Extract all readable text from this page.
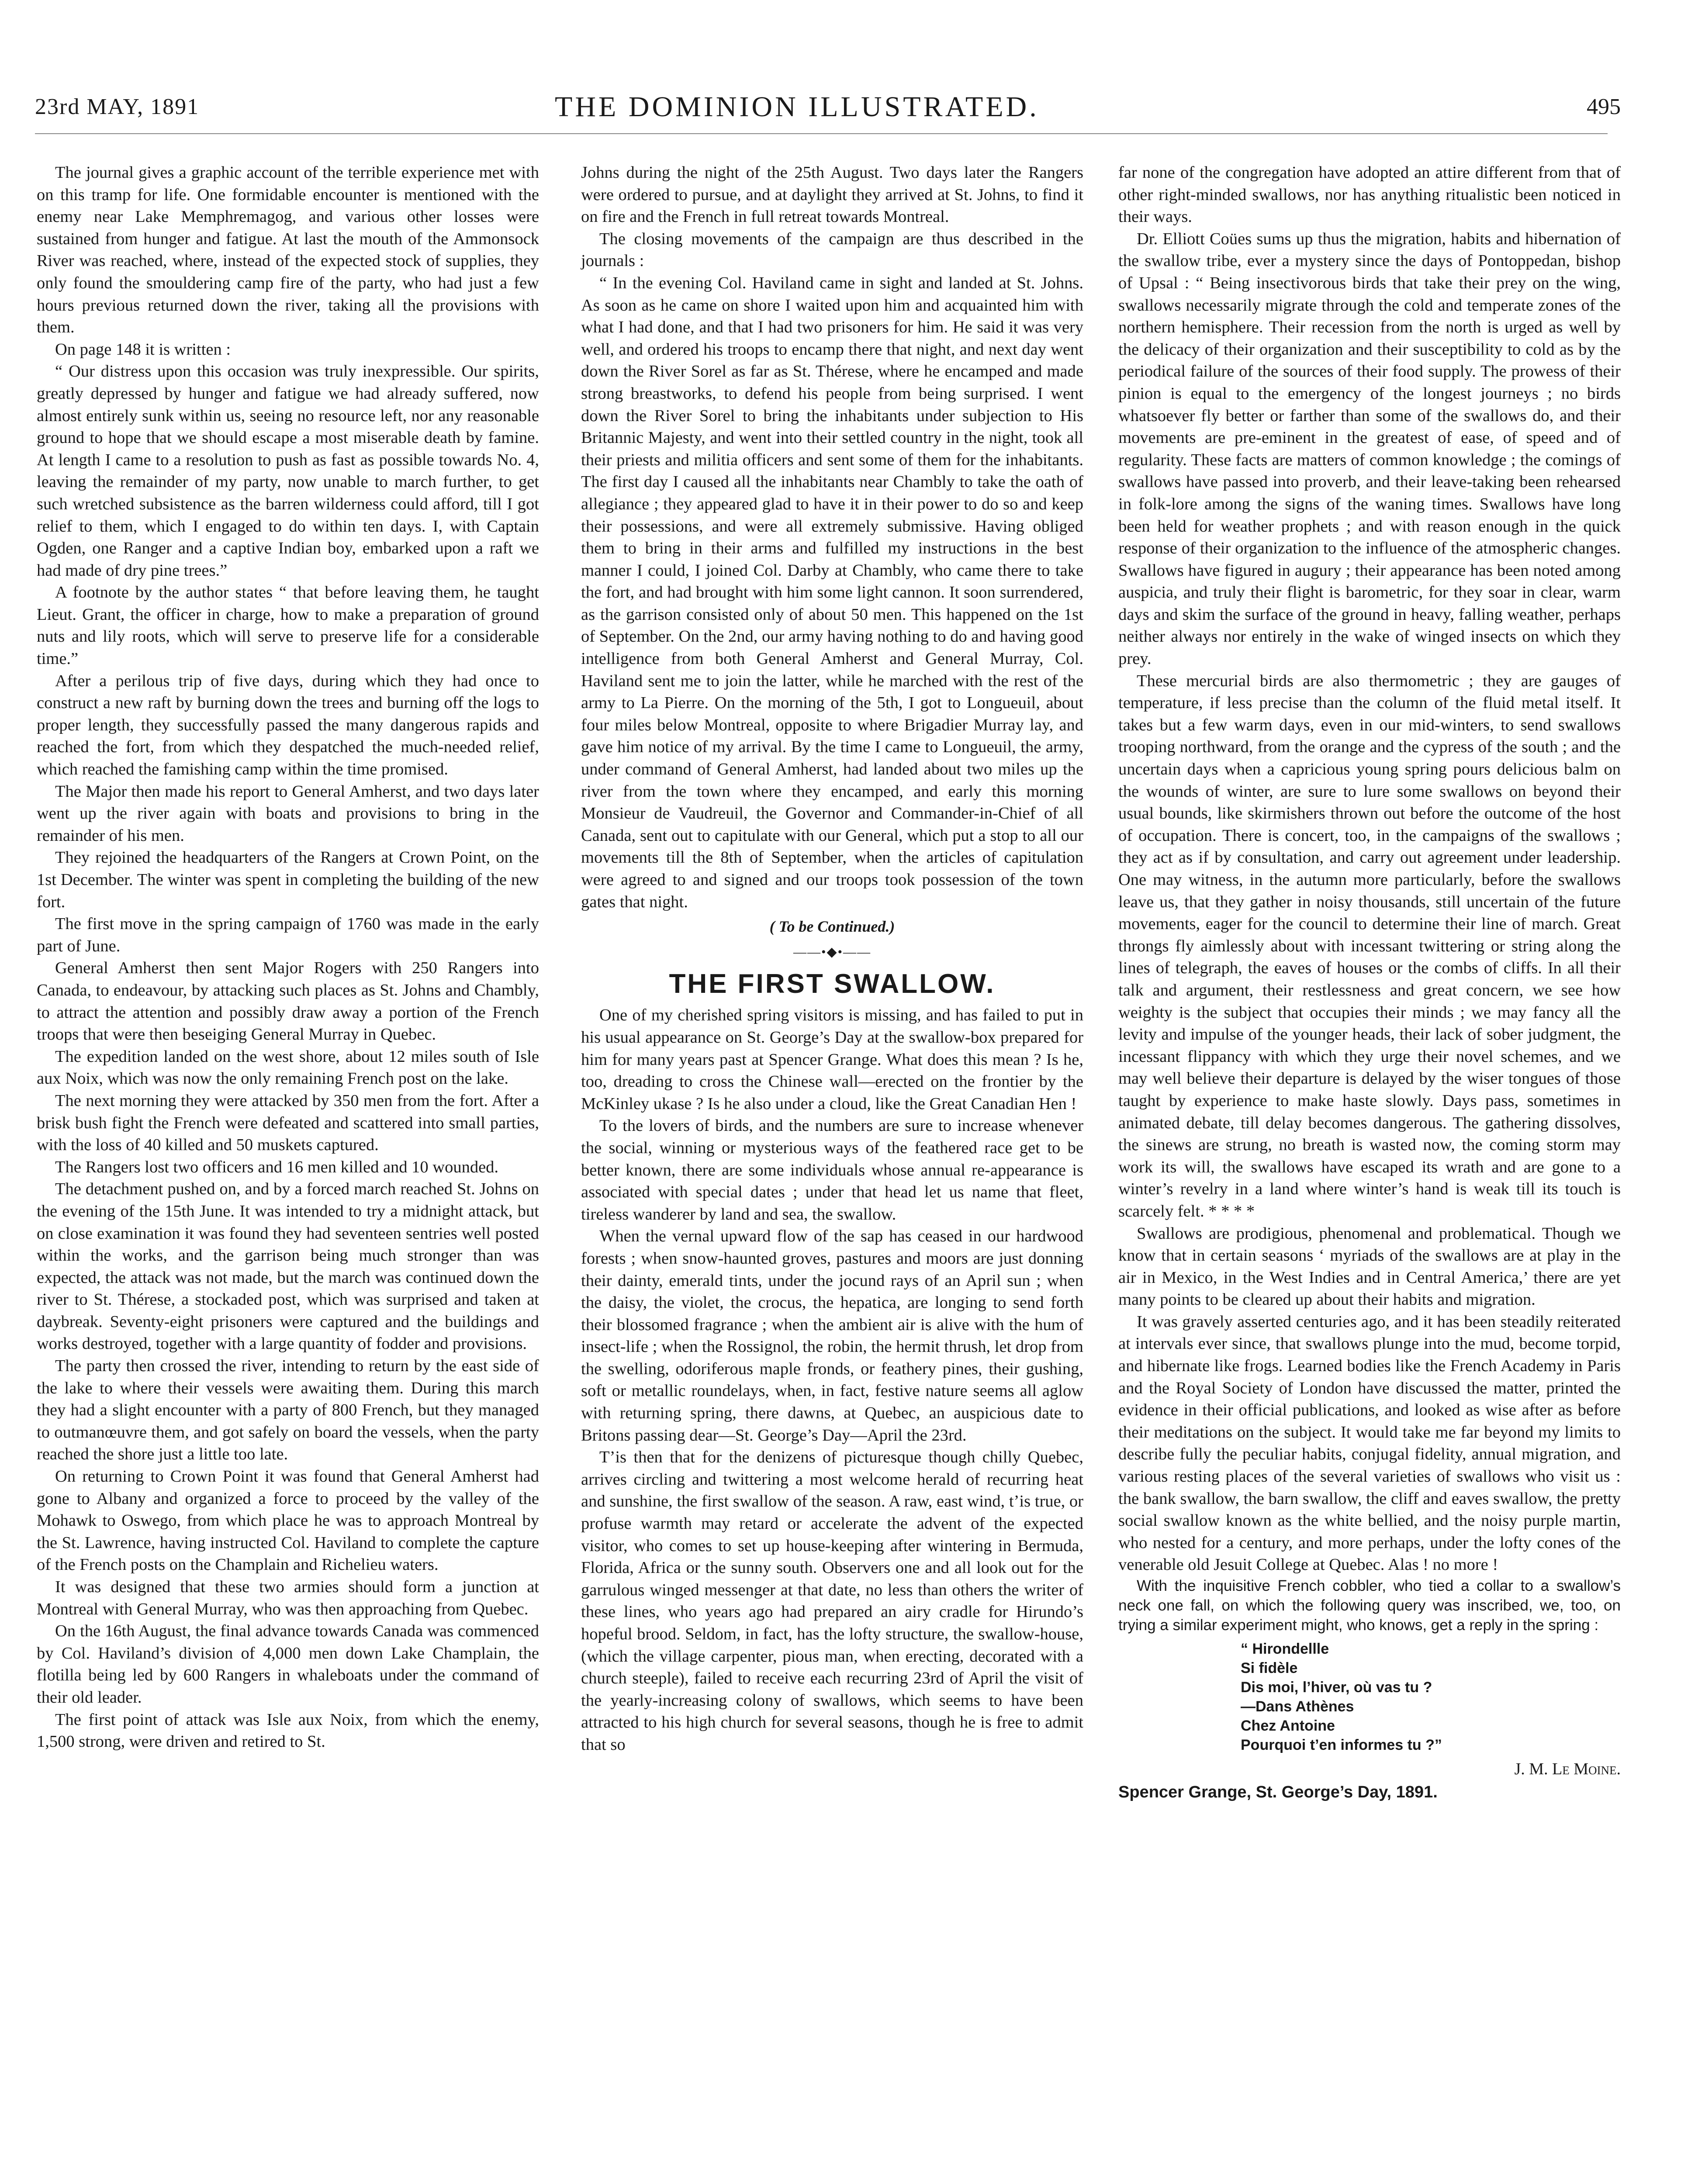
23rd MAY, 1891	THE DOMINION ILLUSTRATED.	495

The journal gives a graphic account of the terrible experience met with on this tramp for life. One formidable encounter is mentioned with the enemy near Lake Memphremagog, and various other losses were sustained from hunger and fatigue. At last the mouth of the Ammonsock River was reached, where, instead of the expected stock of supplies, they only found the smouldering camp fire of the party, who had just a few hours previous returned down the river, taking all the provisions with them.

On page 148 it is written :

“ Our distress upon this occasion was truly inexpressible. Our spirits, greatly depressed by hunger and fatigue we had already suffered, now almost entirely sunk within us, seeing no resource left, nor any reasonable ground to hope that we should escape a most miserable death by famine. At length I came to a resolution to push as fast as possible towards No. 4, leaving the remainder of my party, now unable to march further, to get such wretched subsistence as the barren wilderness could afford, till I got relief to them, which I engaged to do within ten days. I, with Captain Ogden, one Ranger and a captive Indian boy, embarked upon a raft we had made of dry pine trees.”

A footnote by the author states “ that before leaving them, he taught Lieut. Grant, the officer in charge, how to make a preparation of ground nuts and lily roots, which will serve to preserve life for a considerable time.”

After a perilous trip of five days, during which they had once to construct a new raft by burning down the trees and burning off the logs to proper length, they successfully passed the many dangerous rapids and reached the fort, from which they despatched the much-needed relief, which reached the famishing camp within the time promised.

The Major then made his report to General Amherst, and two days later went up the river again with boats and provisions to bring in the remainder of his men.

They rejoined the headquarters of the Rangers at Crown Point, on the 1st December. The winter was spent in completing the building of the new fort.

The first move in the spring campaign of 1760 was made in the early part of June.

General Amherst then sent Major Rogers with 250 Rangers into Canada, to endeavour, by attacking such places as St. Johns and Chambly, to attract the attention and possibly draw away a portion of the French troops that were then beseiging General Murray in Quebec.

The expedition landed on the west shore, about 12 miles south of Isle aux Noix, which was now the only remaining French post on the lake.

The next morning they were attacked by 350 men from the fort. After a brisk bush fight the French were defeated and scattered into small parties, with the loss of 40 killed and 50 muskets captured.

The Rangers lost two officers and 16 men killed and 10 wounded.

The detachment pushed on, and by a forced march reached St. Johns on the evening of the 15th June. It was intended to try a midnight attack, but on close examination it was found they had seventeen sentries well posted within the works, and the garrison being much stronger than was expected, the attack was not made, but the march was continued down the river to St. Thérese, a stockaded post, which was surprised and taken at daybreak. Seventy-eight prisoners were captured and the buildings and works destroyed, together with a large quantity of fodder and provisions.

The party then crossed the river, intending to return by the east side of the lake to where their vessels were awaiting them. During this march they had a slight encounter with a party of 800 French, but they managed to outmanœuvre them, and got safely on board the vessels, when the party reached the shore just a little too late.

On returning to Crown Point it was found that General Amherst had gone to Albany and organized a force to proceed by the valley of the Mohawk to Oswego, from which place he was to approach Montreal by the St. Lawrence, having instructed Col. Haviland to complete the capture of the French posts on the Champlain and Richelieu waters.

It was designed that these two armies should form a junction at Montreal with General Murray, who was then approaching from Quebec.

On the 16th August, the final advance towards Canada was commenced by Col. Haviland’s division of 4,000 men down Lake Champlain, the flotilla being led by 600 Rangers in whaleboats under the command of their old leader.

The first point of attack was Isle aux Noix, from which the enemy, 1,500 strong, were driven and retired to St.

Johns during the night of the 25th August. Two days later the Rangers were ordered to pursue, and at daylight they arrived at St. Johns, to find it on fire and the French in full retreat towards Montreal.

The closing movements of the campaign are thus described in the journals :

“ In the evening Col. Haviland came in sight and landed at St. Johns. As soon as he came on shore I waited upon him and acquainted him with what I had done, and that I had two prisoners for him. He said it was very well, and ordered his troops to encamp there that night, and next day went down the River Sorel as far as St. Thérese, where he encamped and made strong breastworks, to defend his people from being surprised. I went down the River Sorel to bring the inhabitants under subjection to His Britannic Majesty, and went into their settled country in the night, took all their priests and militia officers and sent some of them for the inhabitants. The first day I caused all the inhabitants near Chambly to take the oath of allegiance ; they appeared glad to have it in their power to do so and keep their possessions, and were all extremely submissive. Having obliged them to bring in their arms and fulfilled my instructions in the best manner I could, I joined Col. Darby at Chambly, who came there to take the fort, and had brought with him some light cannon. It soon surrendered, as the garrison consisted only of about 50 men. This happened on the 1st of September. On the 2nd, our army having nothing to do and having good intelligence from both General Amherst and General Murray, Col. Haviland sent me to join the latter, while he marched with the rest of the army to La Pierre. On the morning of the 5th, I got to Longueuil, about four miles below Montreal, opposite to where Brigadier Murray lay, and gave him notice of my arrival. By the time I came to Longueuil, the army, under command of General Amherst, had landed about two miles up the river from the town where they encamped, and early this morning Monsieur de Vaudreuil, the Governor and Commander-in-Chief of all Canada, sent out to capitulate with our General, which put a stop to all our movements till the 8th of September, when the articles of capitulation were agreed to and signed and our troops took possession of the town gates that night.

( To be Continued.)
——•◆•——
THE FIRST SWALLOW.

One of my cherished spring visitors is missing, and has failed to put in his usual appearance on St. George’s Day at the swallow-box prepared for him for many years past at Spencer Grange. What does this mean ? Is he, too, dreading to cross the Chinese wall—erected on the frontier by the McKinley ukase ? Is he also under a cloud, like the Great Canadian Hen !

To the lovers of birds, and the numbers are sure to increase whenever the social, winning or mysterious ways of the feathered race get to be better known, there are some individuals whose annual re-appearance is associated with special dates ; under that head let us name that fleet, tireless wanderer by land and sea, the swallow.

When the vernal upward flow of the sap has ceased in our hardwood forests ; when snow-haunted groves, pastures and moors are just donning their dainty, emerald tints, under the jocund rays of an April sun ; when the daisy, the violet, the crocus, the hepatica, are longing to send forth their blossomed fragrance ; when the ambient air is alive with the hum of insect-life ; when the Rossignol, the robin, the hermit thrush, let drop from the swelling, odoriferous maple fronds, or feathery pines, their gushing, soft or metallic roundelays, when, in fact, festive nature seems all aglow with returning spring, there dawns, at Quebec, an auspicious date to Britons passing dear—St. George’s Day—April the 23rd.

T’is then that for the denizens of picturesque though chilly Quebec, arrives circling and twittering a most welcome herald of recurring heat and sunshine, the first swallow of the season. A raw, east wind, t’is true, or profuse warmth may retard or accelerate the advent of the expected visitor, who comes to set up house-keeping after wintering in Bermuda, Florida, Africa or the sunny south. Observers one and all look out for the garrulous winged messenger at that date, no less than others the writer of these lines, who years ago had prepared an airy cradle for Hirundo’s hopeful brood. Seldom, in fact, has the lofty structure, the swallow-house, (which the village carpenter, pious man, when erecting, decorated with a church steeple), failed to receive each recurring 23rd of April the visit of the yearly-increasing colony of swallows, which seems to have been attracted to his high church for several seasons, though he is free to admit that so

far none of the congregation have adopted an attire different from that of other right-minded swallows, nor has anything ritualistic been noticed in their ways.

Dr. Elliott Coües sums up thus the migration, habits and hibernation of the swallow tribe, ever a mystery since the days of Pontoppedan, bishop of Upsal : “ Being insectivorous birds that take their prey on the wing, swallows necessarily migrate through the cold and temperate zones of the northern hemisphere. Their recession from the north is urged as well by the delicacy of their organization and their susceptibility to cold as by the periodical failure of the sources of their food supply. The prowess of their pinion is equal to the emergency of the longest journeys ; no birds whatsoever fly better or farther than some of the swallows do, and their movements are pre-eminent in the greatest of ease, of speed and of regularity. These facts are matters of common knowledge ; the comings of swallows have passed into proverb, and their leave-taking been rehearsed in folk-lore among the signs of the waning times. Swallows have long been held for weather prophets ; and with reason enough in the quick response of their organization to the influence of the atmospheric changes. Swallows have figured in augury ; their appearance has been noted among auspicia, and truly their flight is barometric, for they soar in clear, warm days and skim the surface of the ground in heavy, falling weather, perhaps neither always nor entirely in the wake of winged insects on which they prey.

These mercurial birds are also thermometric ; they are gauges of temperature, if less precise than the column of the fluid metal itself. It takes but a few warm days, even in our mid-winters, to send swallows trooping northward, from the orange and the cypress of the south ; and the uncertain days when a capricious young spring pours delicious balm on the wounds of winter, are sure to lure some swallows on beyond their usual bounds, like skirmishers thrown out before the outcome of the host of occupation. There is concert, too, in the campaigns of the swallows ; they act as if by consultation, and carry out agreement under leadership. One may witness, in the autumn more particularly, before the swallows leave us, that they gather in noisy thousands, still uncertain of the future movements, eager for the council to determine their line of march. Great throngs fly aimlessly about with incessant twittering or string along the lines of telegraph, the eaves of houses or the combs of cliffs. In all their talk and argument, their restlessness and great concern, we see how weighty is the subject that occupies their minds ; we may fancy all the levity and impulse of the younger heads, their lack of sober judgment, the incessant flippancy with which they urge their novel schemes, and we may well believe their departure is delayed by the wiser tongues of those taught by experience to make haste slowly. Days pass, sometimes in animated debate, till delay becomes dangerous. The gathering dissolves, the sinews are strung, no breath is wasted now, the coming storm may work its will, the swallows have escaped its wrath and are gone to a winter’s revelry in a land where winter’s hand is weak till its touch is scarcely felt. * * * *

Swallows are prodigious, phenomenal and problematical. Though we know that in certain seasons ‘ myriads of the swallows are at play in the air in Mexico, in the West Indies and in Central America,’ there are yet many points to be cleared up about their habits and migration.

It was gravely asserted centuries ago, and it has been steadily reiterated at intervals ever since, that swallows plunge into the mud, become torpid, and hibernate like frogs. Learned bodies like the French Academy in Paris and the Royal Society of London have discussed the matter, printed the evidence in their official publications, and looked as wise after as before their meditations on the subject. It would take me far beyond my limits to describe fully the peculiar habits, conjugal fidelity, annual migration, and various resting places of the several varieties of swallows who visit us : the bank swallow, the barn swallow, the cliff and eaves swallow, the pretty social swallow known as the white bellied, and the noisy purple martin, who nested for a century, and more perhaps, under the lofty cones of the venerable old Jesuit College at Quebec. Alas ! no more !

With the inquisitive French cobbler, who tied a collar to a swallow’s neck one fall, on which the following query was inscribed, we, too, on trying a similar experiment might, who knows, get a reply in the spring :

“ Hirondellle
Si fidèle
Dis moi, l’hiver, où vas tu ?
—Dans Athènes
Chez Antoine
Pourquoi t’en informes tu ?”
J. M. Le Moine.
Spencer Grange, St. George’s Day, 1891.
